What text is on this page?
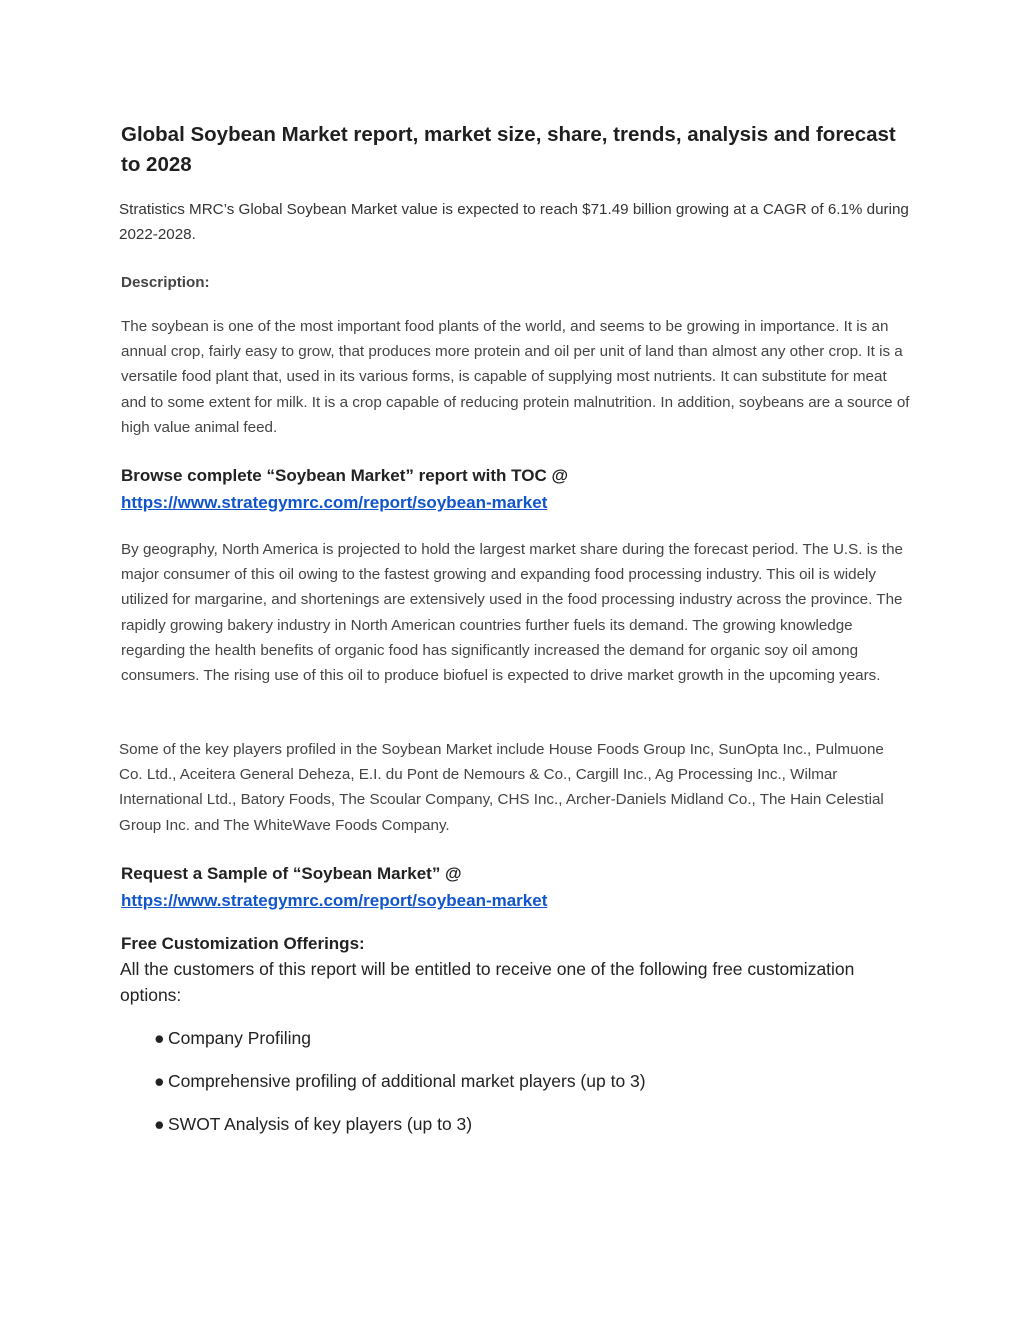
Global Soybean Market report, market size, share, trends, analysis and forecast to 2028

Stratistics MRC’s Global Soybean Market value is expected to reach $71.49 billion growing at a CAGR of 6.1% during 2022-2028.

Description:

The soybean is one of the most important food plants of the world, and seems to be growing in importance. It is an annual crop, fairly easy to grow, that produces more protein and oil per unit of land than almost any other crop. It is a versatile food plant that, used in its various forms, is capable of supplying most nutrients. It can substitute for meat and to some extent for milk. It is a crop capable of reducing protein malnutrition. In addition, soybeans are a source of high value animal feed.

Browse complete “Soybean Market” report with TOC @
https://www.strategymrc.com/report/soybean-market

By geography, North America is projected to hold the largest market share during the forecast period. The U.S. is the major consumer of this oil owing to the fastest growing and expanding food processing industry. This oil is widely utilized for margarine, and shortenings are extensively used in the food processing industry across the province. The rapidly growing bakery industry in North American countries further fuels its demand. The growing knowledge regarding the health benefits of organic food has significantly increased the demand for organic soy oil among consumers. The rising use of this oil to produce biofuel is expected to drive market growth in the upcoming years.

Some of the key players profiled in the Soybean Market include House Foods Group Inc, SunOpta Inc., Pulmuone Co. Ltd., Aceitera General Deheza, E.I. du Pont de Nemours & Co., Cargill Inc., Ag Processing Inc., Wilmar International Ltd., Batory Foods, The Scoular Company, CHS Inc., Archer-Daniels Midland Co., The Hain Celestial Group Inc. and The WhiteWave Foods Company.

Request a Sample of “Soybean Market” @
https://www.strategymrc.com/report/soybean-market

Free Customization Offerings:

All the customers of this report will be entitled to receive one of the following free customization options:

● Company Profiling
● Comprehensive profiling of additional market players (up to 3)
● SWOT Analysis of key players (up to 3)
